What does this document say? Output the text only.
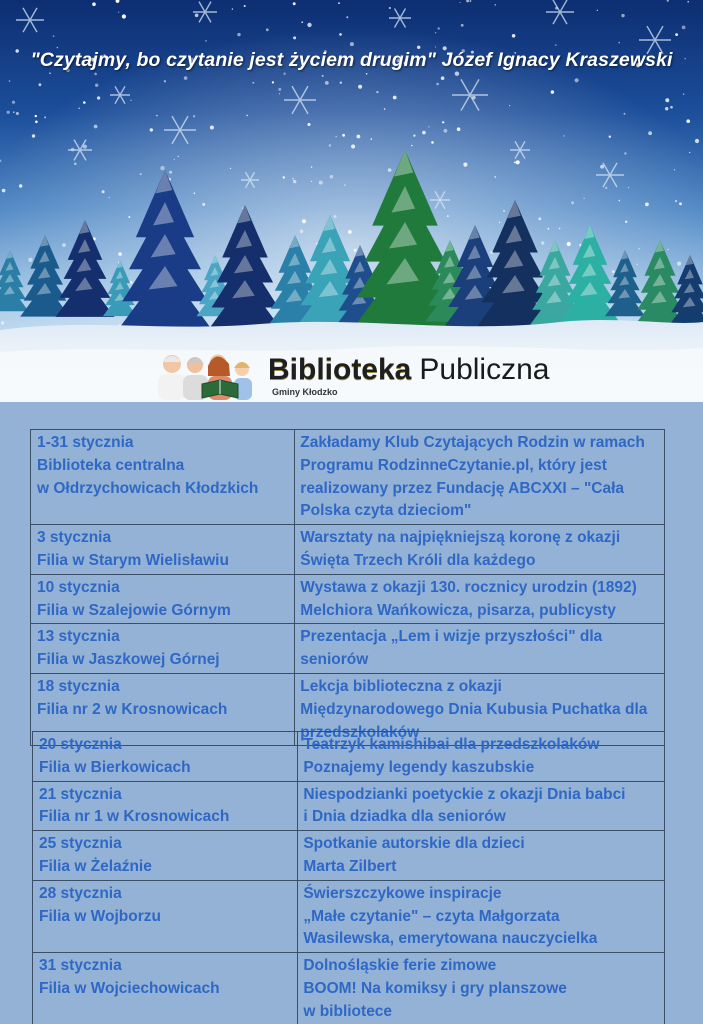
"Czytajmy, bo czytanie jest życiem drugim" Józef Ignacy Kraszewski
Biblioteka Publiczna
Gminy Kłodzko
1-31 stycznia
Biblioteka centralna
w Ołdrzychowicach Kłodzkich	Zakładamy Klub Czytających Rodzin w ramach
Programu RodzinneCzytanie.pl, który jest
realizowany przez Fundację ABCXXI – "Cała
Polska czyta dzieciom"

3 stycznia
Filia w Starym Wielisławiu	Warsztaty na najpiękniejszą koronę z okazji
Święta Trzech Króli dla każdego

10 stycznia
Filia w Szalejowie Górnym	Wystawa z okazji 130. rocznicy urodzin (1892)
Melchiora Wańkowicza, pisarza, publicysty

13 stycznia
Filia w Jaszkowej Górnej	Prezentacja „Lem i wizje przyszłości" dla
seniorów

18 stycznia
Filia nr 2 w Krosnowicach	Lekcja biblioteczna z okazji
Międzynarodowego Dnia Kubusia Puchatka dla
przedszkolaków
20 stycznia
Filia w Bierkowicach	Teatrzyk kamishibai dla przedszkolaków
Poznajemy legendy kaszubskie

21 stycznia
Filia nr 1 w Krosnowicach	Niespodzianki poetyckie z okazji Dnia babci
i Dnia dziadka dla seniorów

25 stycznia
Filia w Żelaźnie	Spotkanie autorskie dla dzieci
Marta Zilbert

28 stycznia
Filia w Wojborzu	Świerszczykowe inspiracje
„Małe czytanie" – czyta Małgorzata
Wasilewska, emerytowana nauczycielka

31 stycznia
Filia w Wojciechowicach	Dolnośląskie ferie zimowe
BOOM! Na komiksy i gry planszowe
w bibliotece
